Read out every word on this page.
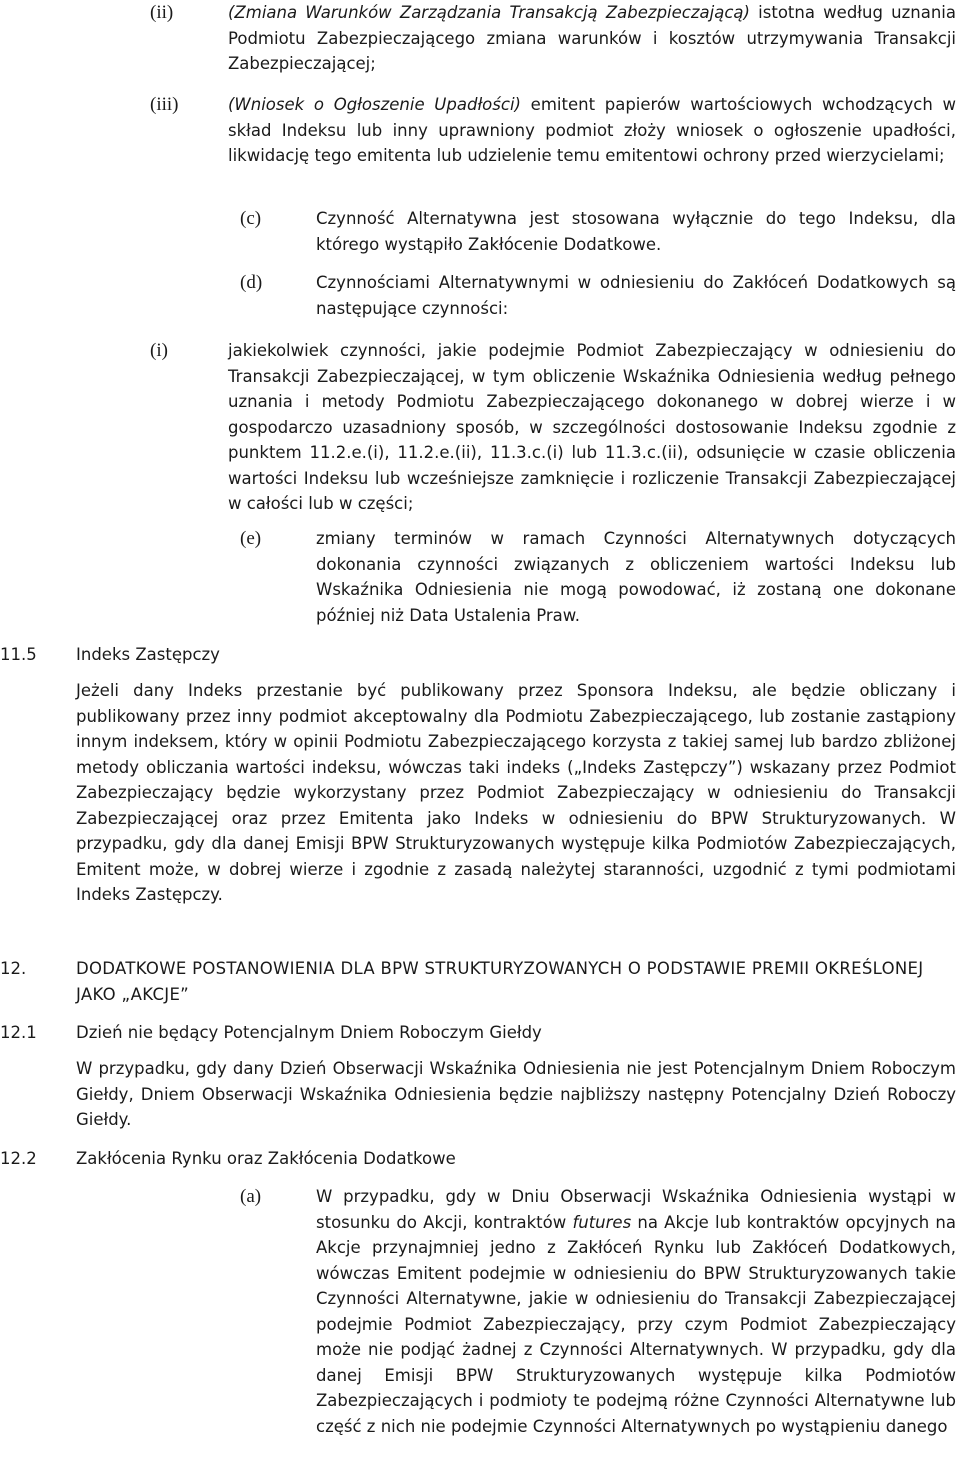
(ii)	(Zmiana Warunków Zarządzania Transakcją Zabezpieczającą) istotna według uznania Podmiotu Zabezpieczającego zmiana warunków i kosztów utrzymywania Transakcji Zabezpieczającej;
(iii)	(Wniosek o Ogłoszenie Upadłości) emitent papierów wartościowych wchodzących w skład Indeksu lub inny uprawniony podmiot złoży wniosek o ogłoszenie upadłości, likwidację tego emitenta lub udzielenie temu emitentowi ochrony przed wierzycielami;
(c)	Czynność Alternatywna jest stosowana wyłącznie do tego Indeksu, dla którego wystąpiło Zakłócenie Dodatkowe.
(d)	Czynnościami Alternatywnymi w odniesieniu do Zakłóceń Dodatkowych są następujące czynności:
(i)	jakiekolwiek czynności, jakie podejmie Podmiot Zabezpieczający w odniesieniu do Transakcji Zabezpieczającej, w tym obliczenie Wskaźnika Odniesienia według pełnego uznania i metody Podmiotu Zabezpieczającego dokonanego w dobrej wierze i w gospodarczo uzasadniony sposób, w szczególności dostosowanie Indeksu zgodnie z punktem 11.2.e.(i), 11.2.e.(ii), 11.3.c.(i) lub 11.3.c.(ii), odsunięcie w czasie obliczenia wartości Indeksu lub wcześniejsze zamknięcie i rozliczenie Transakcji Zabezpieczającej w całości lub w części;
(e)	zmiany terminów w ramach Czynności Alternatywnych dotyczących dokonania czynności związanych z obliczeniem wartości Indeksu lub Wskaźnika Odniesienia nie mogą powodować, iż zostaną one dokonane później niż Data Ustalenia Praw.
11.5 Indeks Zastępczy
Jeżeli dany Indeks przestanie być publikowany przez Sponsora Indeksu, ale będzie obliczany i publikowany przez inny podmiot akceptowalny dla Podmiotu Zabezpieczającego, lub zostanie zastąpiony innym indeksem, który w opinii Podmiotu Zabezpieczającego korzysta z takiej samej lub bardzo zbliżonej metody obliczania wartości indeksu, wówczas taki indeks („Indeks Zastępczy”) wskazany przez Podmiot Zabezpieczający będzie wykorzystany przez Podmiot Zabezpieczający w odniesieniu do Transakcji Zabezpieczającej oraz przez Emitenta jako Indeks w odniesieniu do BPW Strukturyzowanych. W przypadku, gdy dla danej Emisji BPW Strukturyzowanych występuje kilka Podmiotów Zabezpieczających, Emitent może, w dobrej wierze i zgodnie z zasadą należytej staranności, uzgodnić z tymi podmiotami Indeks Zastępczy.
12.	DODATKOWE POSTANOWIENIA DLA BPW STRUKTURYZOWANYCH O PODSTAWIE PREMII OKREŚLONEJ JAKO „AKCJE”
12.1 Dzień nie będący Potencjalnym Dniem Roboczym Giełdy
W przypadku, gdy dany Dzień Obserwacji Wskaźnika Odniesienia nie jest Potencjalnym Dniem Roboczym Giełdy, Dniem Obserwacji Wskaźnika Odniesienia będzie najbliższy następny Potencjalny Dzień Roboczy Giełdy.
12.2 Zakłócenia Rynku oraz Zakłócenia Dodatkowe
(a)	W przypadku, gdy w Dniu Obserwacji Wskaźnika Odniesienia wystąpi w stosunku do Akcji, kontraktów futures na Akcje lub kontraktów opcyjnych na Akcje przynajmniej jedno z Zakłóceń Rynku lub Zakłóceń Dodatkowych, wówczas Emitent podejmie w odniesieniu do BPW Strukturyzowanych takie Czynności Alternatywne, jakie w odniesieniu do Transakcji Zabezpieczającej podejmie Podmiot Zabezpieczający, przy czym Podmiot Zabezpieczający może nie podjąć żadnej z Czynności Alternatywnych. W przypadku, gdy dla danej Emisji BPW Strukturyzowanych występuje kilka Podmiotów Zabezpieczających i podmioty te podejmą różne Czynności Alternatywne lub część z nich nie podejmie Czynności Alternatywnych po wystąpieniu danego
